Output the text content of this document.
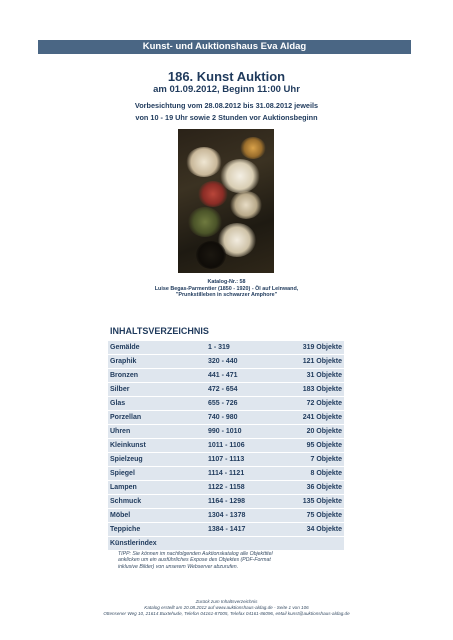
Kunst- und Auktionshaus Eva Aldag
186. Kunst Auktion
am 01.09.2012, Beginn 11:00 Uhr
Vorbesichtung vom 28.08.2012 bis 31.08.2012 jeweils
von 10 - 19 Uhr sowie 2 Stunden vor Auktionsbeginn
Katalog-Nr.: 58
Luise Begas-Parmentier (1850 - 1920) - Öl auf Leinwand,
"Prunkstilleben in schwarzer Amphore"
INHALTSVERZEICHNIS
Gemälde	1 - 319	319 Objekte
Graphik	320 - 440	121 Objekte
Bronzen	441 - 471	31 Objekte
Silber	472 - 654	183 Objekte
Glas	655 - 726	72 Objekte
Porzellan	740 - 980	241 Objekte
Uhren	990 - 1010	20 Objekte
Kleinkunst	1011 - 1106	95 Objekte
Spielzeug	1107 - 1113	7 Objekte
Spiegel	1114 - 1121	8 Objekte
Lampen	1122 - 1158	36 Objekte
Schmuck	1164 - 1298	135 Objekte
Möbel	1304 - 1378	75 Objekte
Teppiche	1384 - 1417	34 Objekte
Künstlerindex		
TIPP: Sie können im nachfolgenden Auktionskatalog alle Objekttitel
anklicken um ein ausführliches Expose des Objektes (PDF-Format
inklusive Bilder) von unserem Webserver abzurufen.
Zurück zum Inhaltsverzeichnis
Katalog erstellt am 20.08.2012 auf www.auktionshaus-aldag.de - Seite 1 von 106
Ottensener Weg 10, 21614 Buxtehude, Telefon 04161-87005, Telefax 04161-86096, eMail kunst@auktionshaus-aldag.de
